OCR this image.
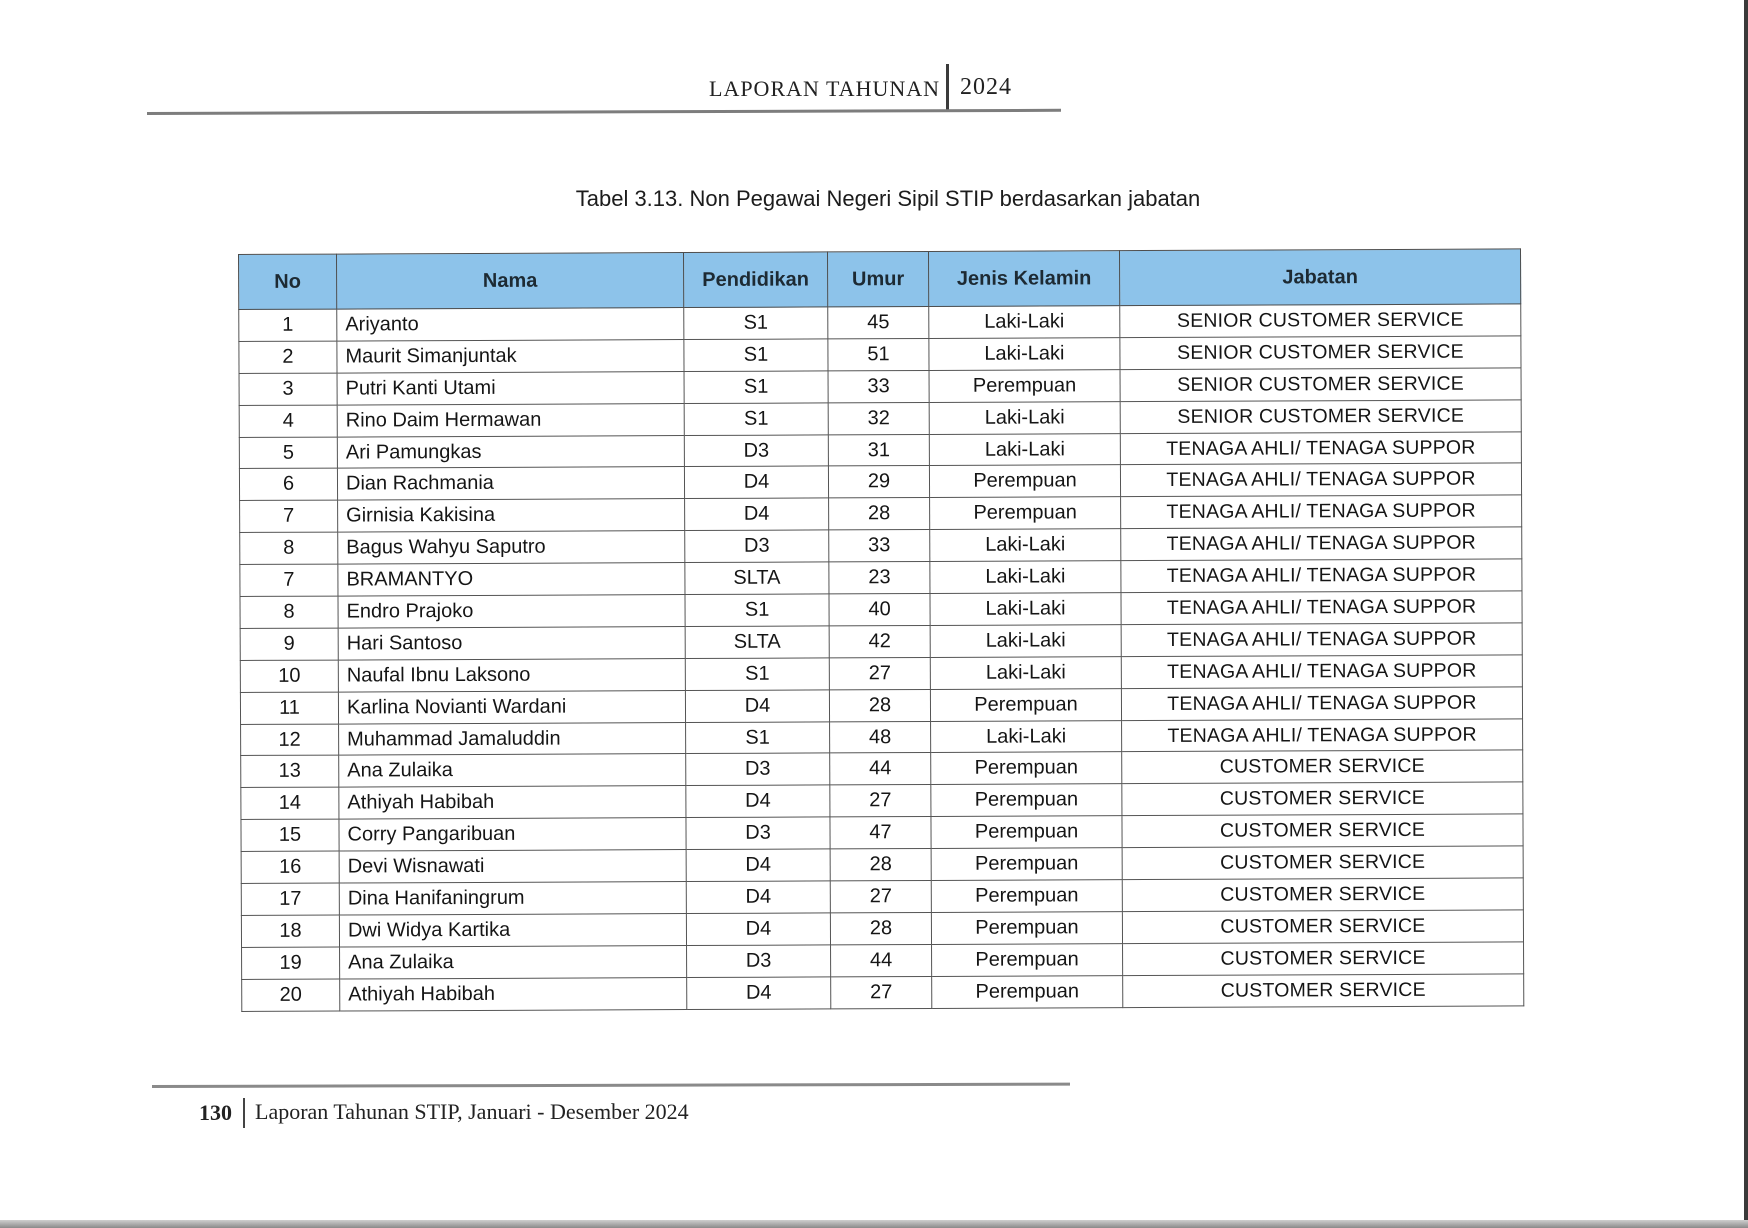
LAPORAN TAHUNAN 2024
Tabel 3.13. Non Pegawai Negeri Sipil STIP berdasarkan jabatan
No	Nama	Pendidikan	Umur	Jenis Kelamin	Jabatan
1	Ariyanto	S1	45	Laki-Laki	SENIOR CUSTOMER SERVICE
2	Maurit Simanjuntak	S1	51	Laki-Laki	SENIOR CUSTOMER SERVICE
3	Putri Kanti Utami	S1	33	Perempuan	SENIOR CUSTOMER SERVICE
4	Rino Daim Hermawan	S1	32	Laki-Laki	SENIOR CUSTOMER SERVICE
5	Ari Pamungkas	D3	31	Laki-Laki	TENAGA AHLI/ TENAGA SUPPOR
6	Dian Rachmania	D4	29	Perempuan	TENAGA AHLI/ TENAGA SUPPOR
7	Girnisia Kakisina	D4	28	Perempuan	TENAGA AHLI/ TENAGA SUPPOR
8	Bagus Wahyu Saputro	D3	33	Laki-Laki	TENAGA AHLI/ TENAGA SUPPOR
7	BRAMANTYO	SLTA	23	Laki-Laki	TENAGA AHLI/ TENAGA SUPPOR
8	Endro Prajoko	S1	40	Laki-Laki	TENAGA AHLI/ TENAGA SUPPOR
9	Hari Santoso	SLTA	42	Laki-Laki	TENAGA AHLI/ TENAGA SUPPOR
10	Naufal Ibnu Laksono	S1	27	Laki-Laki	TENAGA AHLI/ TENAGA SUPPOR
11	Karlina Novianti Wardani	D4	28	Perempuan	TENAGA AHLI/ TENAGA SUPPOR
12	Muhammad Jamaluddin	S1	48	Laki-Laki	TENAGA AHLI/ TENAGA SUPPOR
13	Ana Zulaika	D3	44	Perempuan	CUSTOMER SERVICE
14	Athiyah Habibah	D4	27	Perempuan	CUSTOMER SERVICE
15	Corry Pangaribuan	D3	47	Perempuan	CUSTOMER SERVICE
16	Devi Wisnawati	D4	28	Perempuan	CUSTOMER SERVICE
17	Dina Hanifaningrum	D4	27	Perempuan	CUSTOMER SERVICE
18	Dwi Widya Kartika	D4	28	Perempuan	CUSTOMER SERVICE
19	Ana Zulaika	D3	44	Perempuan	CUSTOMER SERVICE
20	Athiyah Habibah	D4	27	Perempuan	CUSTOMER SERVICE
130 Laporan Tahunan STIP, Januari - Desember 2024
